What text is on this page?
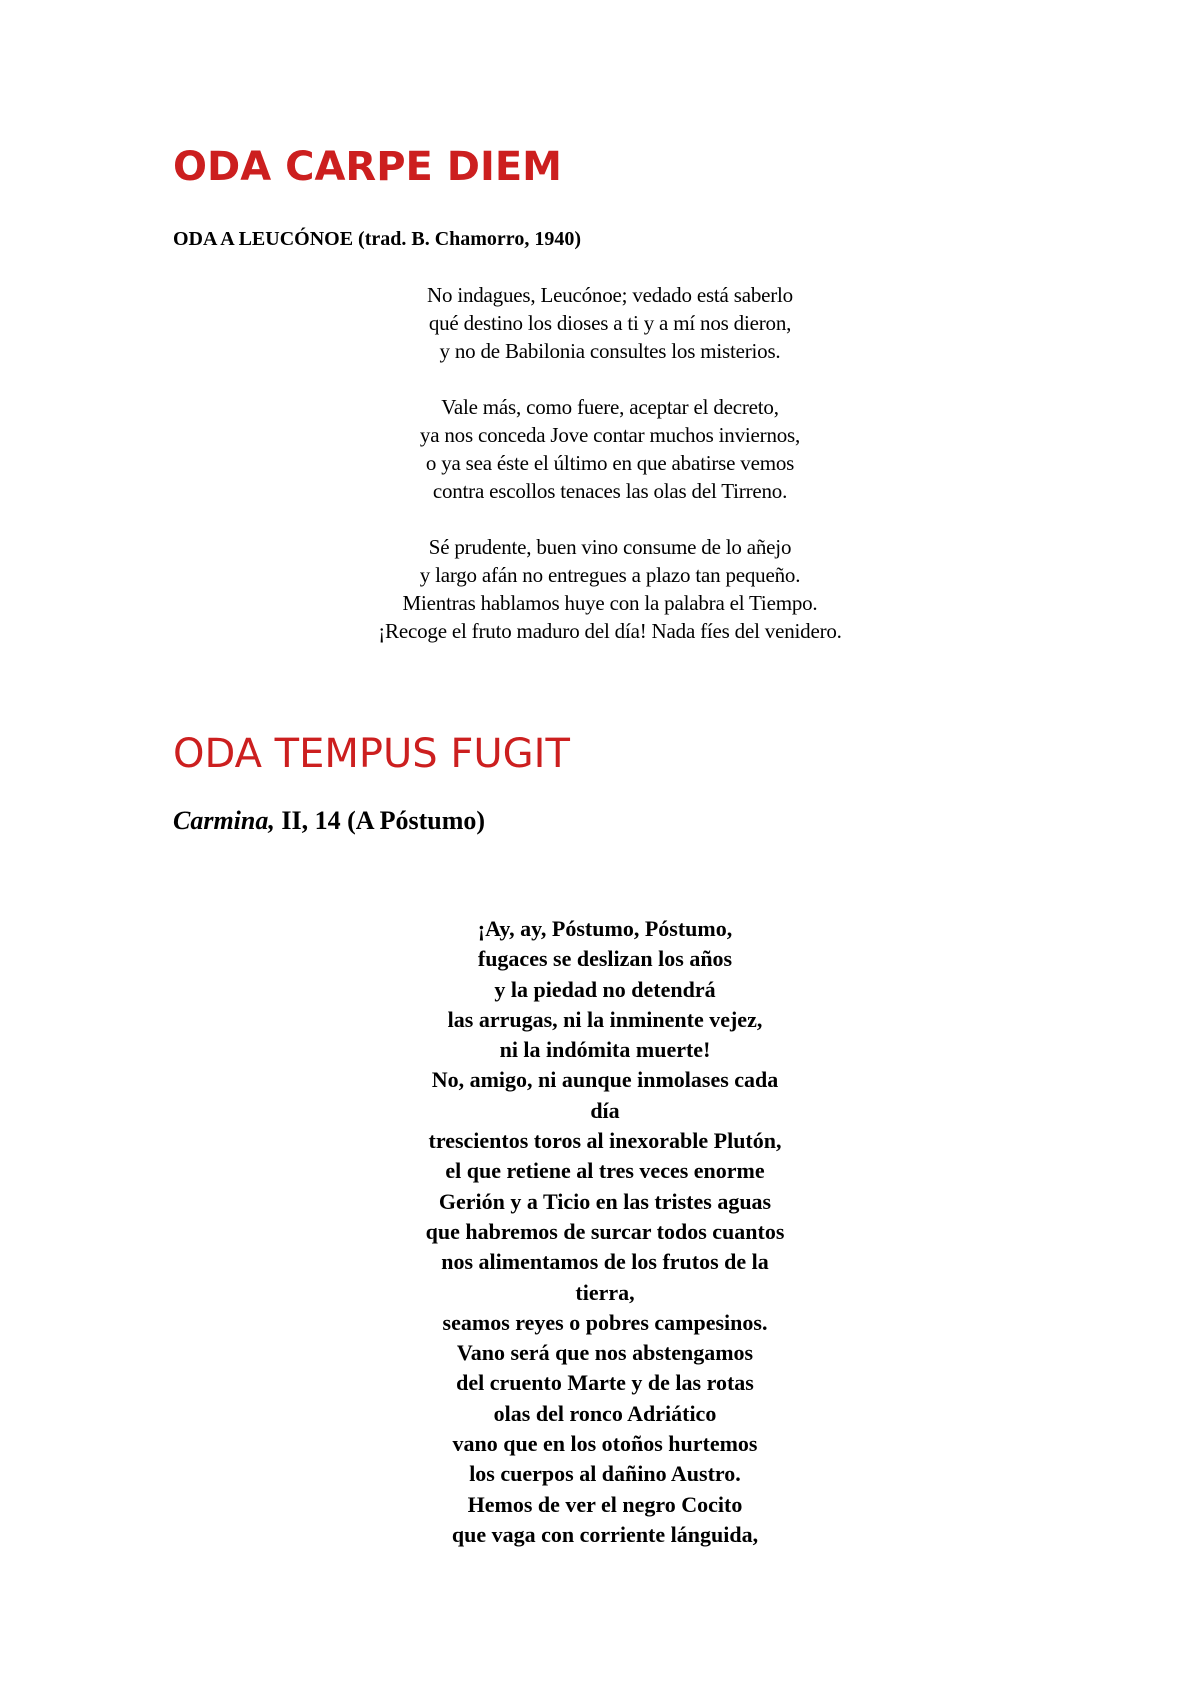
ODA CARPE DIEM

ODA A LEUCÓNOE (trad. B. Chamorro, 1940)

No indagues, Leucónoe; vedado está saberlo
qué destino los dioses a ti y a mí nos dieron,
y no de Babilonia consultes los misterios.
Vale más, como fuere, aceptar el decreto,
ya nos conceda Jove contar muchos inviernos,
o ya sea éste el último en que abatirse vemos
contra escollos tenaces las olas del Tirreno.
Sé prudente, buen vino consume de lo añejo
y largo afán no entregues a plazo tan pequeño.
Mientras hablamos huye con la palabra el Tiempo.
¡Recoge el fruto maduro del día! Nada fíes del venidero.
ODA TEMPUS FUGIT

Carmina, II, 14 (A Póstumo)

¡Ay, ay, Póstumo, Póstumo,
fugaces se deslizan los años
y la piedad no detendrá
las arrugas, ni la inminente vejez,
ni la indómita muerte!
No, amigo, ni aunque inmolases cada
día
trescientos toros al inexorable Plutón,
el que retiene al tres veces enorme
Gerión y a Ticio en las tristes aguas
que habremos de surcar todos cuantos
nos alimentamos de los frutos de la
tierra,
seamos reyes o pobres campesinos.
Vano será que nos abstengamos
del cruento Marte y de las rotas
olas del ronco Adriático
vano que en los otoños hurtemos
los cuerpos al dañino Austro.
Hemos de ver el negro Cocito
que vaga con corriente lánguida,
